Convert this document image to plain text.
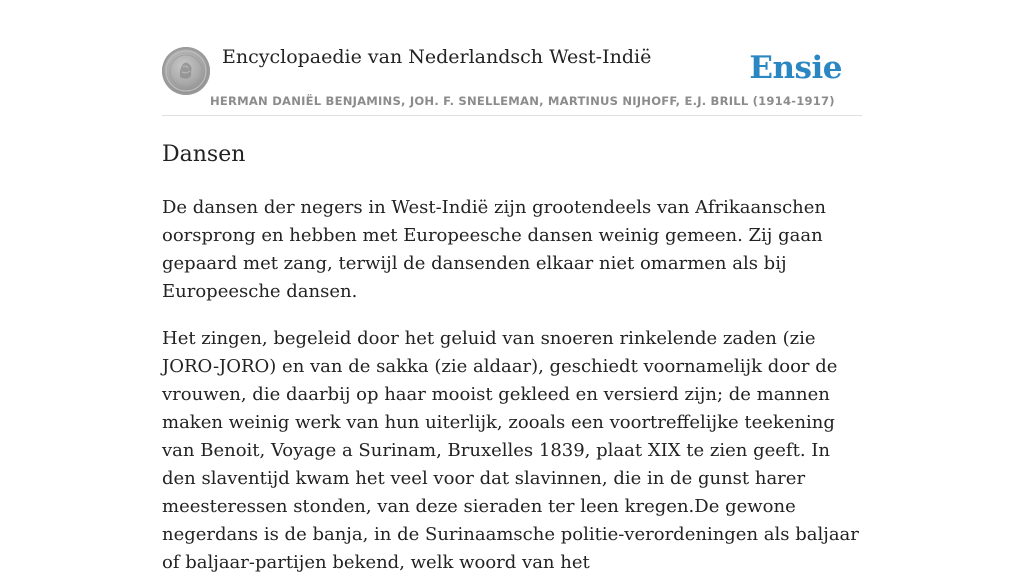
Encyclopaedie van Nederlandsch West-Indië	Ensie
HERMAN DANIËL BENJAMINS, JOH. F. SNELLEMAN, MARTINUS NIJHOFF, E.J. BRILL (1914-1917)
Dansen

De dansen der negers in West-Indië zijn grootendeels van Afrikaanschen oorsprong en hebben met Europeesche dansen weinig gemeen. Zij gaan gepaard met zang, terwijl de dansenden elkaar niet omarmen als bij Europeesche dansen.

Het zingen, begeleid door het geluid van snoeren rinkelende zaden (zie JORO-JORO) en van de sakka (zie aldaar), geschiedt voornamelijk door de vrouwen, die daarbij op haar mooist gekleed en versierd zijn; de mannen maken weinig werk van hun uiterlijk, zooals een voortreffelijke teekening van Benoit, Voyage a Surinam, Bruxelles 1839, plaat XIX te zien geeft. In den slaventijd kwam het veel voor dat slavinnen, die in de gunst harer meesteressen stonden, van deze sieraden ter leen kregen.De gewone negerdans is de banja, in de Surinaamsche politie-verordeningen als baljaar of baljaar-partijen bekend, welk woord van het
